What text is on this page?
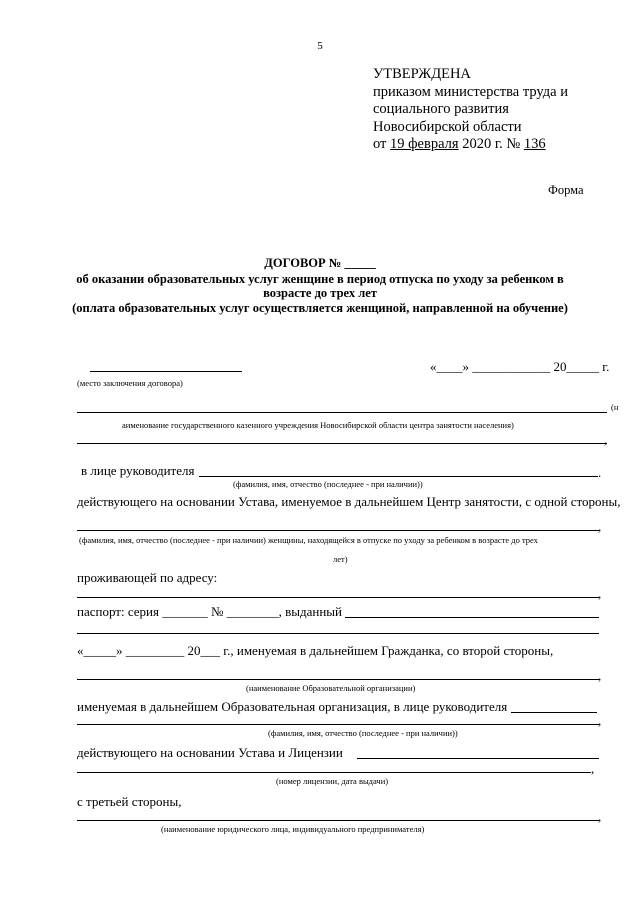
5
УТВЕРЖДЕНА
приказом министерства труда и
социального развития
Новосибирской области
от 19 февраля 2020 г. № 136
Форма
ДОГОВОР № _____
об оказании образовательных услуг женщине в период отпуска по уходу за ребенком в
возрасте до трех лет
(оплата образовательных услуг осуществляется женщиной, направленной на обучение)
«____» ____________ 20_____ г.
(место заключения договора)
(н
аименование государственного казенного учреждения Новосибирской области центра занятости населения)
,
в лице руководителя	.
(фамилия, имя, отчество (последнее - при наличии))
действующего на основании Устава, именуемое в дальнейшем Центр занятости, с одной стороны,
,
(фамилия, имя, отчество (последнее - при наличии) женщины, находящейся в отпуске по уходу за ребенком в возрасте до трех
лет)
проживающей по адресу:
,
паспорт: серия _______ № ________, выданный
«_____» _________ 20___ г., именуемая в дальнейшем Гражданка, со второй стороны,
,
(наименование Образовательной организации)
именуемая в дальнейшем Образовательная организация, в лице руководителя
,
(фамилия, имя, отчество (последнее - при наличии))
действующего на основании Устава и Лицензии
,
(номер лицензии, дата выдачи)
с третьей стороны,
,
(наименование юридического лица, индивидуального предпринимателя)
